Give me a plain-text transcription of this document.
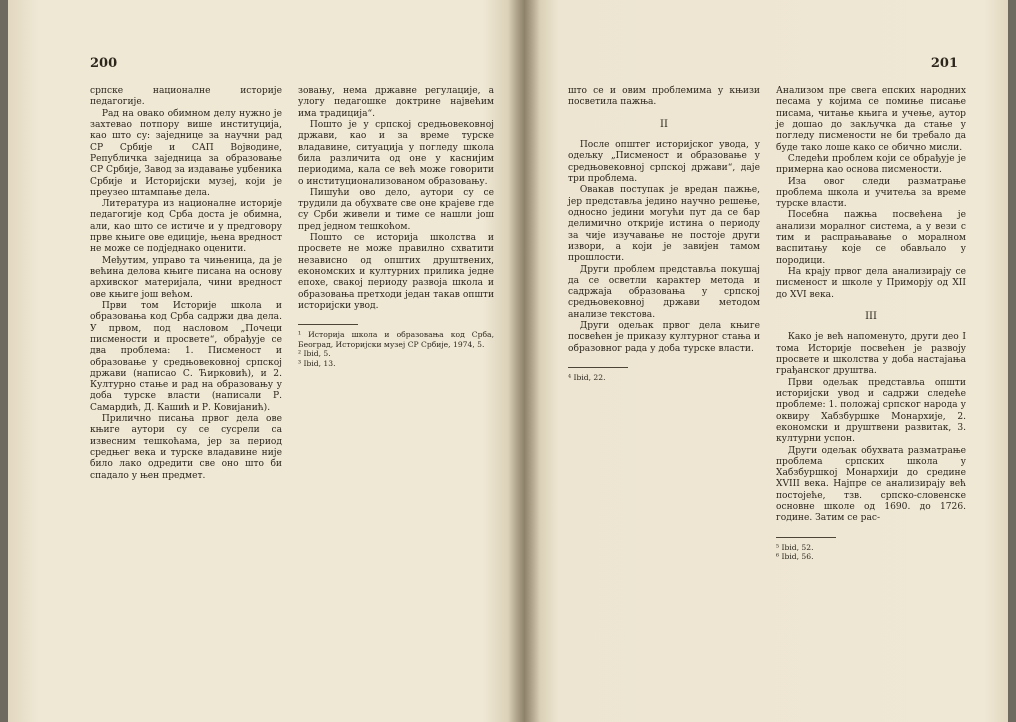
200

српске националне историје педагогије.

Рад на овако обимном делу нужно је захтевао потпору више институција, као што су: заједнице за научни рад СР Србије и САП Војводине, Републичка заједница за образовање СР Србије, Завод за издавање уџбеника Србије и Историјски музеј, који је преузео штампање дела.

Литература из националне историје педагогије код Срба доста је обимна, али, као што се истиче и у предговору прве књиге ове едиције, њена вредност не може се подједнако оценити.

Међутим, управо та чињеница, да је већина делова књиге писана на основу архивског материјала, чини вредност ове књиге још већом.

Први том Историје школа и образовања код Срба садржи два дела. У првом, под насловом „Почеци писмености и просвете“, обрађује се два проблема: 1. Писменост и образовање у средњовековној српској држави (написао С. Ћирковић), и 2. Културно стање и рад на образовању у доба турске власти (написали Р. Самардић, Д. Кашић и Р. Ковијанић).

Прилично писања првог дела ове књиге аутори су се сусрели са извесним тешкоћама, јер за период средњег века и турске владавине није било лако одредити све оно што би спадало у њен предмет.

зовању, нема државне регулације, а улогу педагошке доктрине највећим има традиција“.

Пошто је у српској средњовековној држави, као и за време турске владавине, ситуација у погледу школа била различита од оне у каснијим периодима, кала се већ може говорити о институционализованом образовању.

Пишући ово дело, аутори су се трудили да обухвате све оне крајеве где су Срби живели и тиме се нашли још пред једном тешкоћом.

Пошто се историја школства и просвете не може правилно схватити независно од општих друштвених, економских и културних прилика једне епохе, свакој периоду развоја школа и образовања претходи један такав општи историјски увод.

¹ Историја школа и образовања код Срба, Београд, Историјски музеј СР Србије, 1974, 5.

² Ibid, 5.

³ Ibid, 13.

201

што се и овим проблемима у књизи посветила пажња.

II

После општег историјског увода, у одељку „Писменост и образовање у средњовековној српској држави“, даје три проблема.

Овакав поступак је вредан пажње, јер представља једино научно решење, односно једини могући пут да се бар делимично открије истина о периоду за чије изучавање не постоје други извори, а који је завијен тамом прошлости.

Други проблем представља покушај да се осветли карактер метода и садржаја образовања у српској средњовековној држави методом анализе текстова.

Други одељак првог дела књиге посвећен је приказу културног стања и образовног рада у доба турске власти.

⁴ Ibid, 22.

Анализом пре свега епских народних песама у којима се помиње писање писама, читање књига и учење, аутор је дошао до закључка да стање у погледу писмености не би требало да буде тако лоше како се обично мисли.

Следећи проблем који се обрађује је примерна као основа писмености.

Иза овог следи разматрање проблема школа и учитеља за време турске власти.

Посебна пажња посвећена је анализи моралног система, а у вези с тим и распрањавање о моралном васпитању које се обављало у породици.

На крају првог дела анализирају се писменост и школе у Приморју од XII до XVI века.

III

Како је већ напоменуто, други део I тома Историје посвећен је развоју просвете и школства у доба настајања грађанског друштва.

Први одељак представља општи историјски увод и садржи следеће проблеме: 1. положај српског народа у оквиру Хабзбуршке Монархије, 2. економски и друштвени развитак, 3. културни успон.

Други одељак обухвата разматрање проблема српских школа у Хабзбуршкој Монархији до средине XVIII века. Најпре се анализирају већ постојеће, тзв. српско-словенске основне школе од 1690. до 1726. године. Затим се рас-

⁵ Ibid, 52.

⁶ Ibid, 56.
